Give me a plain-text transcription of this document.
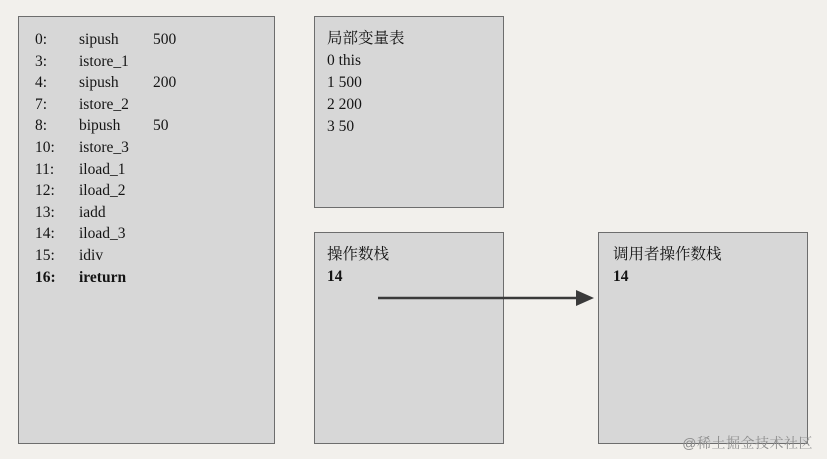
0:	sipush	500
3:	istore_1
4:	sipush	200
7:	istore_2
8:	bipush	50
10:	istore_3
11:	iload_1
12:	iload_2
13:	iadd
14:	iload_3
15:	idiv
16:	ireturn
局部变量表
0 this
1 500
2 200
3 50
操作数栈
14
调用者操作数栈
14
@稀土掘金技术社区
